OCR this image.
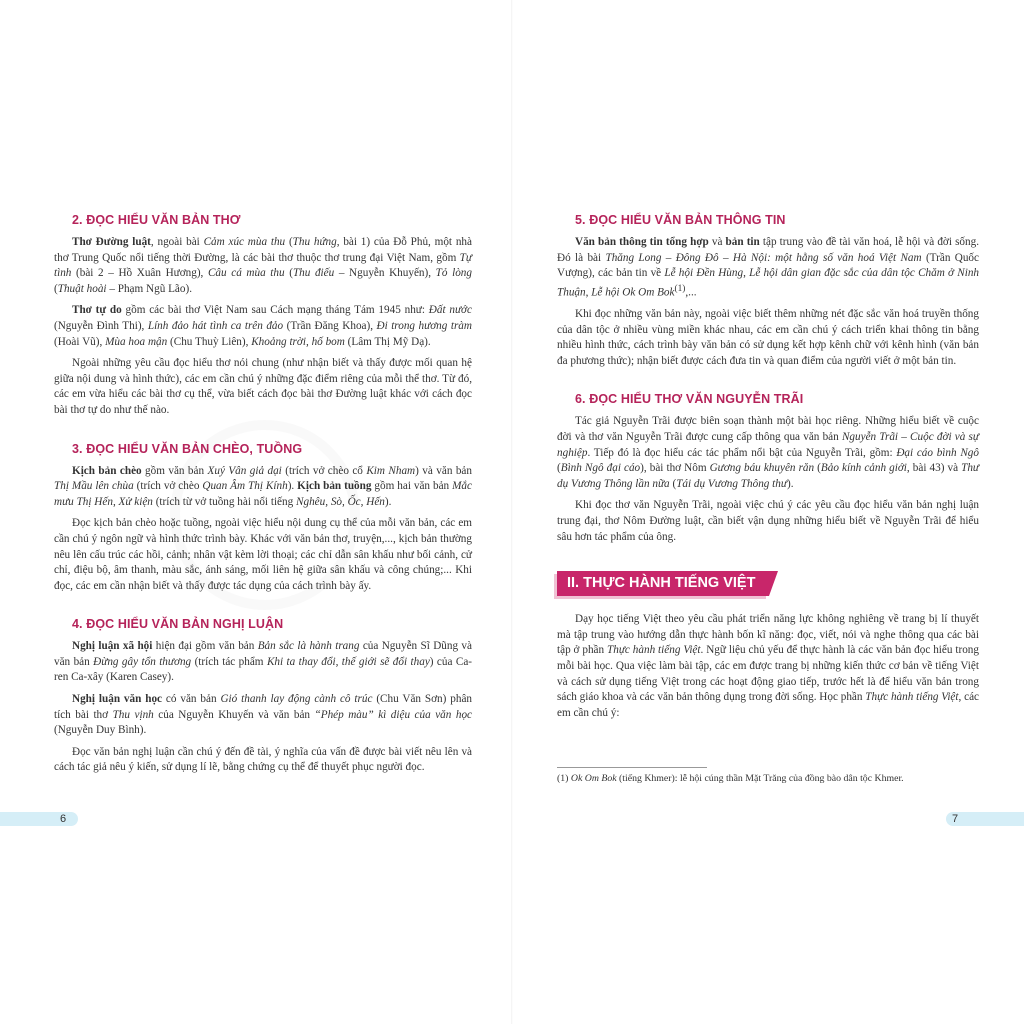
2. ĐỌC HIỂU VĂN BẢN THƠ

Thơ Đường luật, ngoài bài Cảm xúc mùa thu (Thu hứng, bài 1) của Đỗ Phủ, một nhà thơ Trung Quốc nổi tiếng thời Đường, là các bài thơ thuộc thơ trung đại Việt Nam, gồm Tự tình (bài 2 – Hồ Xuân Hương), Câu cá mùa thu (Thu điếu – Nguyễn Khuyến), Tỏ lòng (Thuật hoài – Phạm Ngũ Lão).

Thơ tự do gồm các bài thơ Việt Nam sau Cách mạng tháng Tám 1945 như: Đất nước (Nguyễn Đình Thi), Lính đảo hát tình ca trên đảo (Trần Đăng Khoa), Đi trong hương tràm (Hoài Vũ), Mùa hoa mận (Chu Thuỳ Liên), Khoảng trời, hố bom (Lâm Thị Mỹ Dạ).

Ngoài những yêu cầu đọc hiểu thơ nói chung (như nhận biết và thấy được mối quan hệ giữa nội dung và hình thức), các em cần chú ý những đặc điểm riêng của mỗi thể thơ. Từ đó, các em vừa hiểu các bài thơ cụ thể, vừa biết cách đọc bài thơ Đường luật khác với cách đọc bài thơ tự do như thế nào.

3. ĐỌC HIỂU VĂN BẢN CHÈO, TUỒNG

Kịch bản chèo gồm văn bản Xuý Vân giả dại (trích vở chèo cổ Kim Nham) và văn bản Thị Mầu lên chùa (trích vở chèo Quan Âm Thị Kính). Kịch bản tuồng gồm hai văn bản Mắc mưu Thị Hến, Xử kiện (trích từ vở tuồng hài nổi tiếng Nghêu, Sò, Ốc, Hến).

Đọc kịch bản chèo hoặc tuồng, ngoài việc hiểu nội dung cụ thể của mỗi văn bản, các em cần chú ý ngôn ngữ và hình thức trình bày. Khác với văn bản thơ, truyện,..., kịch bản thường nêu lên cấu trúc các hồi, cảnh; nhân vật kèm lời thoại; các chỉ dẫn sân khấu như bối cảnh, cử chỉ, điệu bộ, âm thanh, màu sắc, ánh sáng, mối liên hệ giữa sân khấu và công chúng;... Khi đọc, các em cần nhận biết và thấy được tác dụng của cách trình bày ấy.

4. ĐỌC HIỂU VĂN BẢN NGHỊ LUẬN

Nghị luận xã hội hiện đại gồm văn bản Bản sắc là hành trang của Nguyễn Sĩ Dũng và văn bản Đừng gây tổn thương (trích tác phẩm Khi ta thay đổi, thế giới sẽ đổi thay) của Ca-ren Ca-xây (Karen Casey).

Nghị luận văn học có văn bản Gió thanh lay động cành cô trúc (Chu Văn Sơn) phân tích bài thơ Thu vịnh của Nguyễn Khuyến và văn bản “Phép màu” kì diệu của văn học (Nguyễn Duy Bình).

Đọc văn bản nghị luận cần chú ý đến đề tài, ý nghĩa của vấn đề được bài viết nêu lên và cách tác giả nêu ý kiến, sử dụng lí lẽ, bằng chứng cụ thể để thuyết phục người đọc.

6
5. ĐỌC HIỂU VĂN BẢN THÔNG TIN

Văn bản thông tin tổng hợp và bản tin tập trung vào đề tài văn hoá, lễ hội và đời sống. Đó là bài Thăng Long – Đông Đô – Hà Nội: một hằng số văn hoá Việt Nam (Trần Quốc Vượng), các bản tin về Lễ hội Đền Hùng, Lễ hội dân gian đặc sắc của dân tộc Chăm ở Ninh Thuận, Lễ hội Ok Om Bok$^{(1)}$,...

Khi đọc những văn bản này, ngoài việc biết thêm những nét đặc sắc văn hoá truyền thống của dân tộc ở nhiều vùng miền khác nhau, các em cần chú ý cách triển khai thông tin bằng nhiều hình thức, cách trình bày văn bản có sử dụng kết hợp kênh chữ với kênh hình (văn bản đa phương thức); nhận biết được cách đưa tin và quan điểm của người viết ở một bản tin.

6. ĐỌC HIỂU THƠ VĂN NGUYỄN TRÃI

Tác giả Nguyễn Trãi được biên soạn thành một bài học riêng. Những hiểu biết về cuộc đời và thơ văn Nguyễn Trãi được cung cấp thông qua văn bản Nguyễn Trãi – Cuộc đời và sự nghiệp. Tiếp đó là đọc hiểu các tác phẩm nổi bật của Nguyễn Trãi, gồm: Đại cáo bình Ngô (Bình Ngô đại cáo), bài thơ Nôm Gương báu khuyên răn (Bảo kính cảnh giới, bài 43) và Thư dụ Vương Thông lần nữa (Tái dụ Vương Thông thư).

Khi đọc thơ văn Nguyễn Trãi, ngoài việc chú ý các yêu cầu đọc hiểu văn bản nghị luận trung đại, thơ Nôm Đường luật, cần biết vận dụng những hiểu biết về Nguyễn Trãi để hiểu sâu hơn tác phẩm của ông.

II. THỰC HÀNH TIẾNG VIỆT

Dạy học tiếng Việt theo yêu cầu phát triển năng lực không nghiêng về trang bị lí thuyết mà tập trung vào hướng dẫn thực hành bốn kĩ năng: đọc, viết, nói và nghe thông qua các bài tập ở phần Thực hành tiếng Việt. Ngữ liệu chủ yếu để thực hành là các văn bản đọc hiểu trong mỗi bài học. Qua việc làm bài tập, các em được trang bị những kiến thức cơ bản về tiếng Việt và cách sử dụng tiếng Việt trong các hoạt động giao tiếp, trước hết là để hiểu văn bản trong sách giáo khoa và các văn bản thông dụng trong đời sống. Học phần Thực hành tiếng Việt, các em cần chú ý:

(1) Ok Om Bok (tiếng Khmer): lễ hội cúng thần Mặt Trăng của đồng bào dân tộc Khmer.

7
